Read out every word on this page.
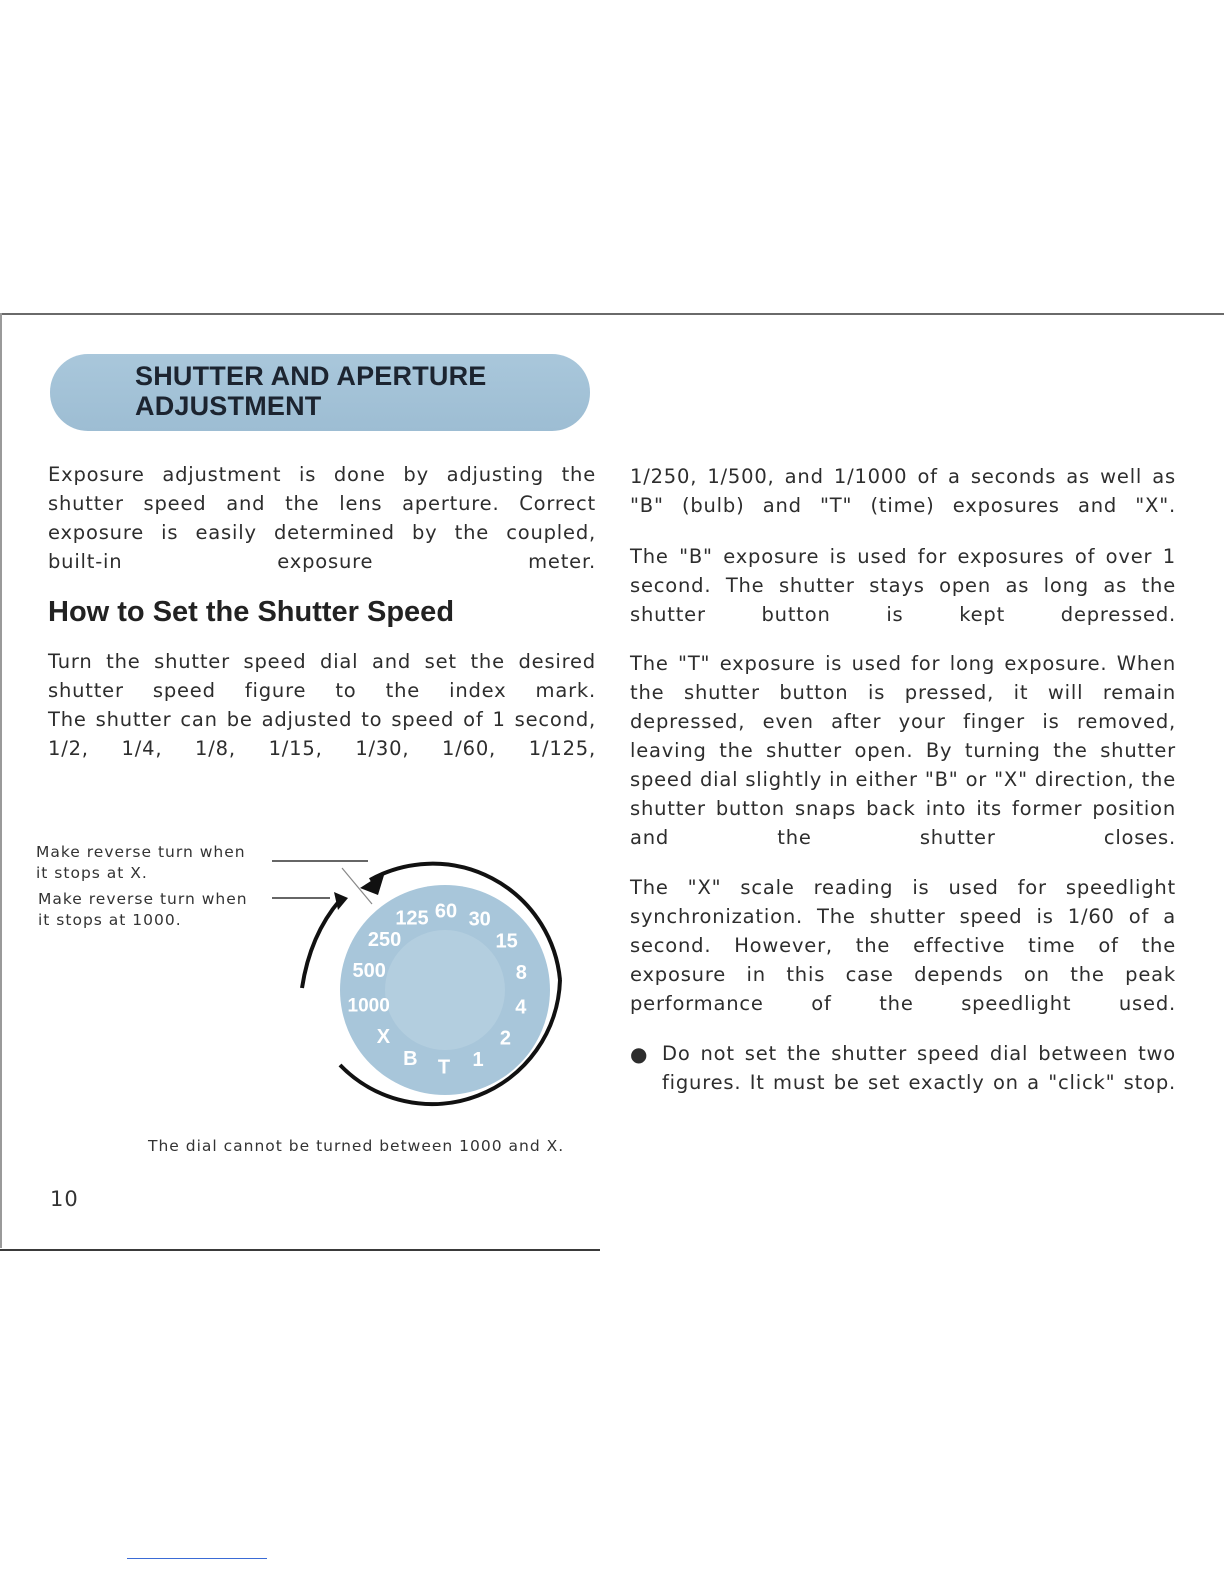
SHUTTER AND APERTURE
ADJUSTMENT
Exposure adjustment is done by adjusting the shutter speed and the lens aperture. Correct exposure is easily determined by the coupled, built-in exposure meter.
How to Set the Shutter Speed
Turn the shutter speed dial and set the desired shutter speed figure to the index mark.
The shutter can be adjusted to speed of 1 second, 1/2, 1/4, 1/8, 1/15, 1/30, 1/60, 1/125,
Make reverse turn when
it stops at X.
Make reverse turn when
it stops at 1000.	125
250
500
1000
X
B T 1
2
4
8
15
30
60
The dial cannot be turned between 1000 and X.
10
1/250, 1/500, and 1/1000 of a seconds as well as "B" (bulb) and "T" (time) exposures and "X".
The "B" exposure is used for exposures of over 1 second. The shutter stays open as long as the shutter button is kept depressed.
The "T" exposure is used for long exposure. When the shutter button is pressed, it will remain depressed, even after your finger is removed, leaving the shutter open. By turning the shutter speed dial slightly in either "B" or "X" direction, the shutter button snaps back into its former position and the shutter closes.
The "X" scale reading is used for speedlight synchronization. The shutter speed is 1/60 of a second. However, the effective time of the exposure in this case depends on the peak performance of the speedlight used.
● Do not set the shutter speed dial between two figures. It must be set exactly on a "click" stop.
